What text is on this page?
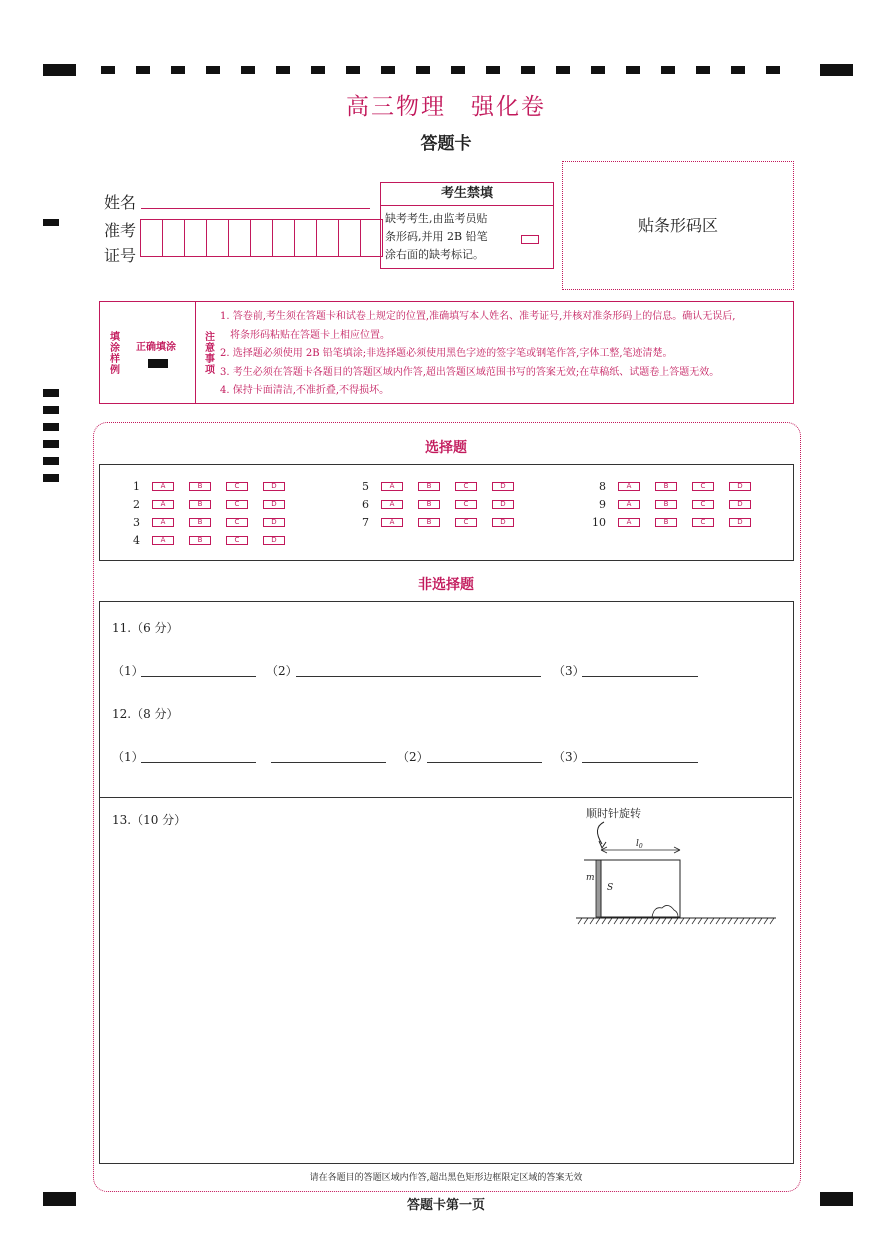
高三物理　强化卷
答题卡
姓名
准考
证号
考生禁填
缺考考生,由监考员贴
条形码,并用 2B 铅笔
涂右面的缺考标记。
贴条形码区
填涂样例
正确填涂
注意事项
1. 答卷前,考生须在答题卡和试卷上规定的位置,准确填写本人姓名、准考证号,并核对准条形码上的信息。确认无误后,
　将条形码粘贴在答题卡上相应位置。
2. 选择题必须使用 2B 铅笔填涂;非选择题必须使用黑色字迹的签字笔或钢笔作答,字体工整,笔迹清楚。
3. 考生必须在答题卡各题目的答题区域内作答,超出答题区域范围书写的答案无效;在草稿纸、试题卷上答题无效。
4. 保持卡面清洁,不准折叠,不得损坏。
选择题
1	A	B	C	D
2	A	B	C	D
3	A	B	C	D
4	A	B	C	D
5	A	B	C	D
6	A	B	C	D
7	A	B	C	D
8	A	B	C	D
9	A	B	C	D
10	A	B	C	D
非选择题
11.（6 分）
（1）	（2）	（3）
12.（8 分）
（1）	（2）	（3）
13.（10 分）	顺时针旋转
$l_0$
m
S
请在各题目的答题区域内作答,超出黑色矩形边框限定区域的答案无效
答题卡第一页
